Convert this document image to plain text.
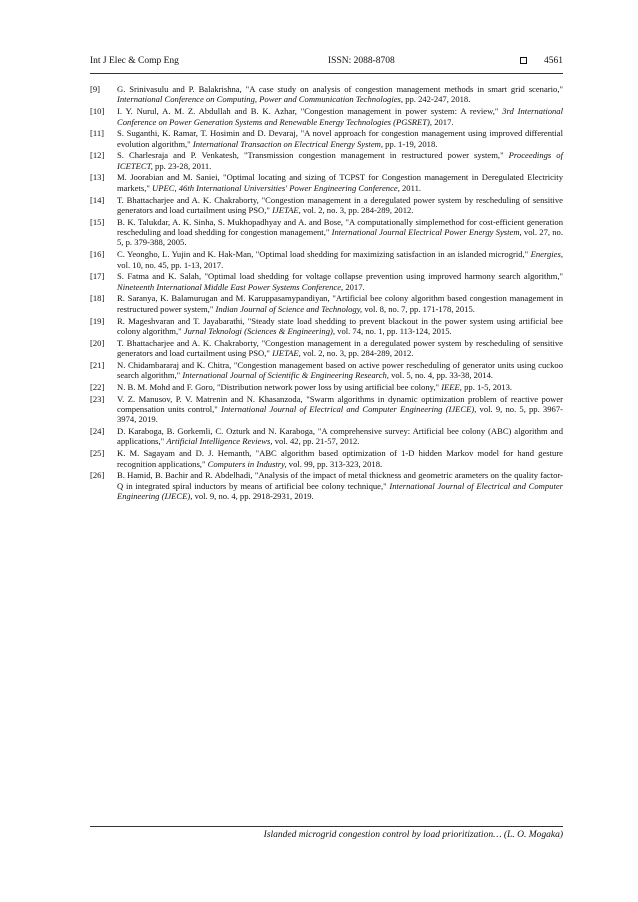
Int J Elec & Comp Eng	ISSN: 2088-8708	4561
[9]	G. Srinivasulu and P. Balakrishna, "A case study on analysis of congestion management methods in smart grid scenario," International Conference on Computing, Power and Communication Technologies, pp. 242-247, 2018.
[10]	I. Y. Nurul, A. M. Z. Abdullah and B. K. Azhar, "Congestion management in power system: A review," 3rd International Conference on Power Generation Systems and Renewable Energy Technologies (PGSRET), 2017.
[11]	S. Suganthi, K. Ramar, T. Hosimin and D. Devaraj, "A novel approach for congestion management using improved differential evolution algorithm," International Transaction on Electrical Energy System, pp. 1-19, 2018.
[12]	S. Charlesraja and P. Venkatesh, "Transmission congestion management in restructured power system," Proceedings of ICETECT, pp. 23-28, 2011.
[13]	M. Joorabian and M. Saniei, "Optimal locating and sizing of TCPST for Congestion management in Deregulated Electricity markets," UPEC, 46th International Universities' Power Engineering Conference, 2011.
[14]	T. Bhattacharjee and A. K. Chakraborty, "Congestion management in a deregulated power system by rescheduling of sensitive generators and load curtailment using PSO," IJETAE, vol. 2, no. 3, pp. 284-289, 2012.
[15]	B. K. Talukdar, A. K. Sinha, S. Mukhopadhyay and A. and Bose, "A computationally simplemethod for cost-efficient generation rescheduling and load shedding for congestion management," International Journal Electrical Power Energy System, vol. 27, no. 5, p. 379-388, 2005.
[16]	C. Yeongho, L. Yujin and K. Hak-Man, "Optimal load shedding for maximizing satisfaction in an islanded microgrid," Energies, vol. 10, no. 45, pp. 1-13, 2017.
[17]	S. Fatma and K. Salah, "Optimal load shedding for voltage collapse prevention using improved harmony search algorithm," Nineteenth International Middle East Power Systems Conference, 2017.
[18]	R. Saranya, K. Balamurugan and M. Karuppasamypandiyan, "Artificial bee colony algorithm based congestion management in restructured power system," Indian Journal of Science and Technology, vol. 8, no. 7, pp. 171-178, 2015.
[19]	R. Mageshvaran and T. Jayabarathi, "Steady state load shedding to prevent blackout in the power system using artificial bee colony algorithm," Jurnal Teknologi (Sciences & Engineering), vol. 74, no. 1, pp. 113-124, 2015.
[20]	T. Bhattacharjee and A. K. Chakraborty, "Congestion management in a deregulated power system by rescheduling of sensitive generators and load curtailment using PSO," IJETAE, vol. 2, no. 3, pp. 284-289, 2012.
[21]	N. Chidambararaj and K. Chitra, "Congestion management based on active power rescheduling of generator units using cuckoo search algorithm," International Journal of Scientific & Engineering Research, vol. 5, no. 4, pp. 33-38, 2014.
[22]	N. B. M. Mohd and F. Goro, "Distribution network power loss by using artificial bee colony," IEEE, pp. 1-5, 2013.
[23]	V. Z. Manusov, P. V. Matrenin and N. Khasanzoda, "Swarm algorithms in dynamic optimization problem of reactive power compensation units control," International Journal of Electrical and Computer Engineering (IJECE), vol. 9, no. 5, pp. 3967-3974, 2019.
[24]	D. Karaboga, B. Gorkemli, C. Ozturk and N. Karaboga, "A comprehensive survey: Artificial bee colony (ABC) algorithm and applications," Artificial Intelligence Reviews, vol. 42, pp. 21-57, 2012.
[25]	K. M. Sagayam and D. J. Hemanth, "ABC algorithm based optimization of 1-D hidden Markov model for hand gesture recognition applications," Computers in Industry, vol. 99, pp. 313-323, 2018.
[26]	B. Hamid, B. Bachir and R. Abdelhadi, "Analysis of the impact of metal thickness and geometric arameters on the quality factor-Q in integrated spiral inductors by means of artificial bee colony technique," International Journal of Electrical and Computer Engineering (IJECE), vol. 9, no. 4, pp. 2918-2931, 2019.
Islanded microgrid congestion control by load prioritization… (L. O. Mogaka)
